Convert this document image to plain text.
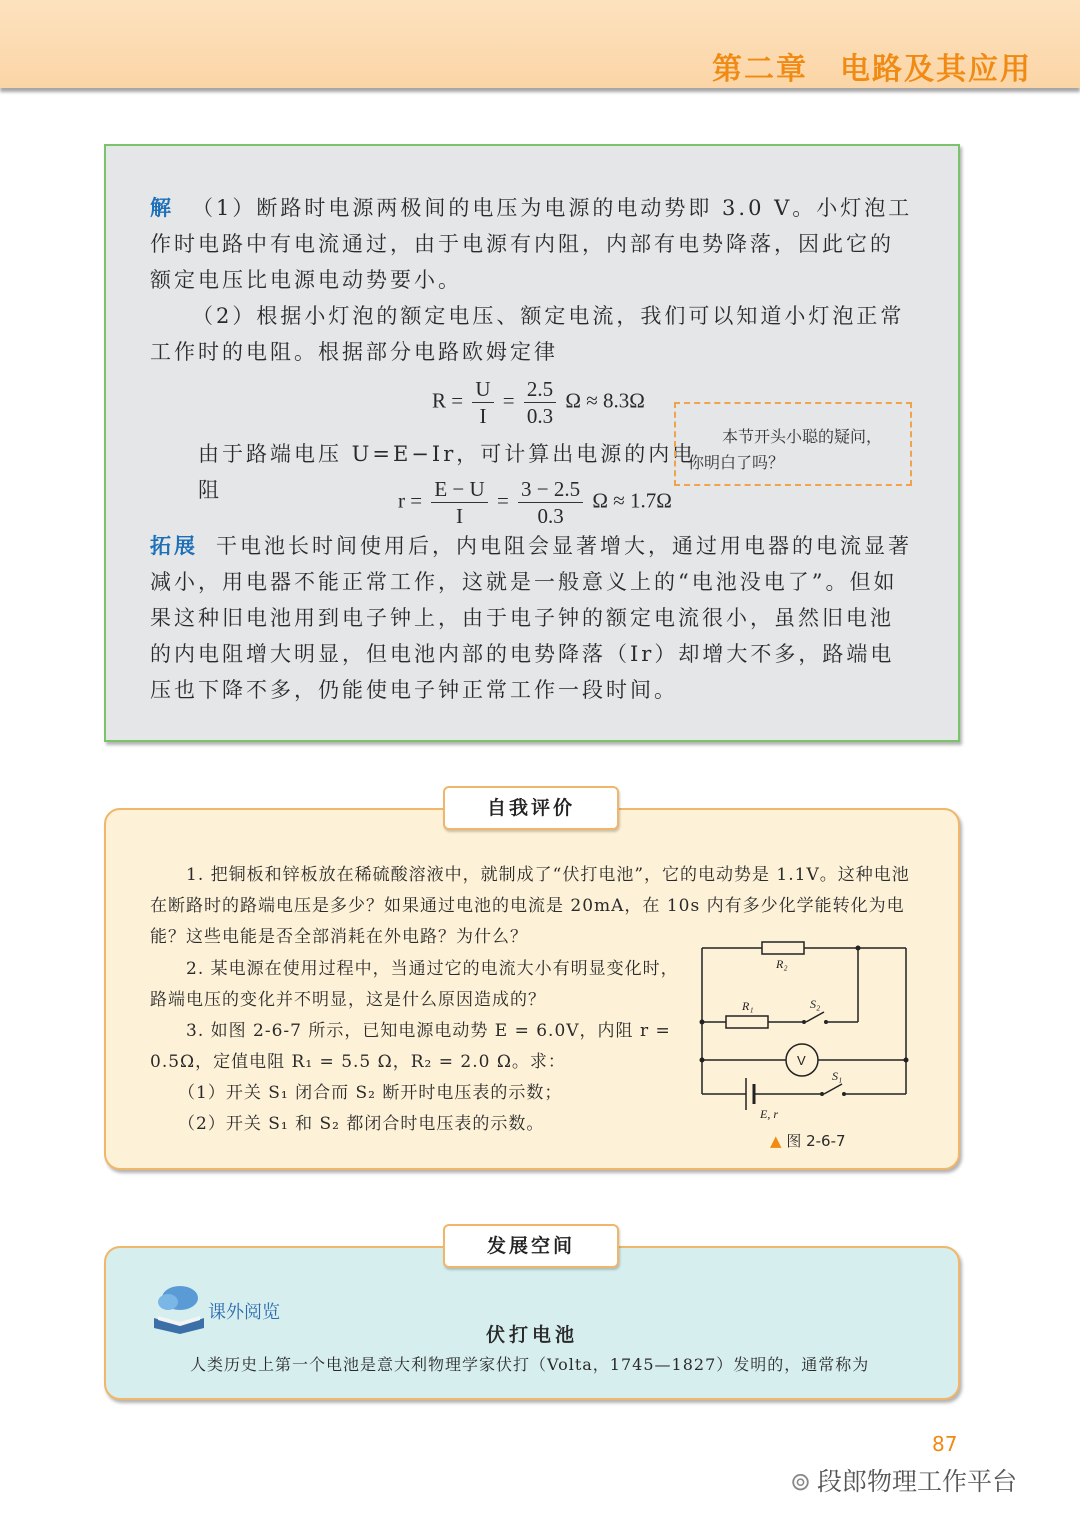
第二章　电路及其应用
解 （1）断路时电源两极间的电压为电源的电动势即 3.0 V。小灯泡工作时电路中有电流通过，由于电源有内阻，内部有电势降落，因此它的额定电压比电源电动势要小。
（2）根据小灯泡的额定电压、额定电流，我们可以知道小灯泡正常工作时的电阻。根据部分电路欧姆定律
$R = \frac{U}{I} = \frac{2.5}{0.3}$ Ω ≈ 8.3Ω
由于路端电压 U=E−Ir，可计算出电源的内电阻	$r = \frac{E - U}{I} = \frac{3 - 2.5}{0.3}$ Ω ≈ 1.7Ω
拓展 干电池长时间使用后，内电阻会显著增大，通过用电器的电流显著减小，用电器不能正常工作，这就是一般意义上的“电池没电了”。但如果这种旧电池用到电子钟上，由于电子钟的额定电流很小，虽然旧电池的内电阻增大明显，但电池内部的电势降落（Ir）却增大不多，路端电压也下降不多，仍能使电子钟正常工作一段时间。
本节开头小聪的疑问，
你明白了吗？
1. 把铜板和锌板放在稀硫酸溶液中，就制成了“伏打电池”，它的电动势是 1.1V。这种电池在断路时的路端电压是多少？如果通过电池的电流是 20mA，在 10s 内有多少化学能转化为电能？这些电能是否全部消耗在外电路？为什么？
2. 某电源在使用过程中，当通过它的电流大小有明显变化时，路端电压的变化并不明显，这是什么原因造成的？
3. 如图 2-6-7 所示，已知电源电动势 E = 6.0V，内阻 r = 0.5Ω，定值电阻 R₁ = 5.5 Ω，R₂ = 2.0 Ω。求：
（1）开关 S₁ 闭合而 S₂ 断开时电压表的示数；
（2）开关 S₁ 和 S₂ 都闭合时电压表的示数。
R₂
R₁	S₂
S₁
E, r
V
▲ 图 2-6-7
自我评价
课外阅览
伏打电池
人类历史上第一个电池是意大利物理学家伏打（Volta，1745—1827）发明的，通常称为
发展空间
87
⊚ 段郎物理工作平台
